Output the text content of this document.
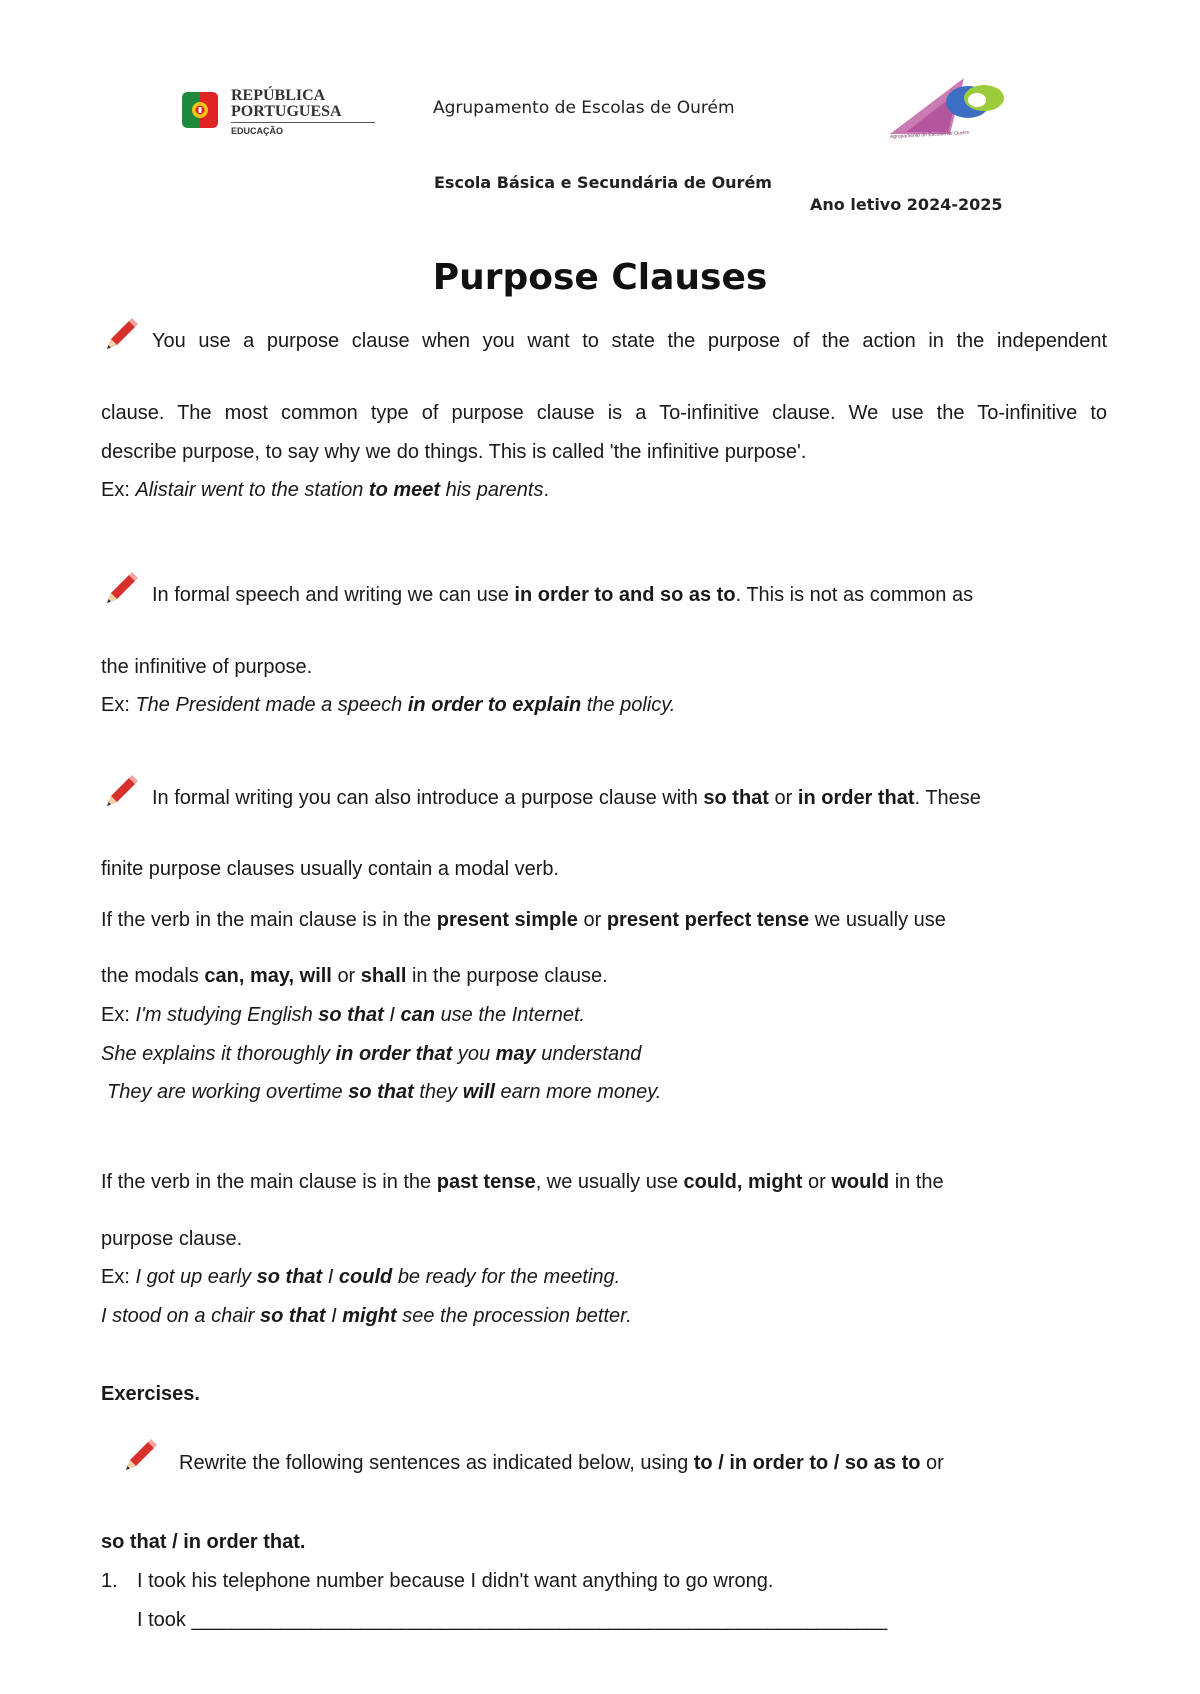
REPÚBLICA
PORTUGUESA
EDUCAÇÃO
Agrupamento de Escolas de Ourém
Agrupamento de Escolas de Ourém
Escola Básica e Secundária de Ourém
Ano letivo 2024-2025
Purpose Clauses
You use a purpose clause when you want to state the purpose of the action in the independent
clause. The most common type of purpose clause is a To-infinitive clause. We use the To-infinitive to
describe purpose, to say why we do things. This is called 'the infinitive purpose'.
Ex: Alistair went to the station to meet his parents.
In formal speech and writing we can use in order to and so as to. This is not as common as
the infinitive of purpose.
Ex: The President made a speech in order to explain the policy.
In formal writing you can also introduce a purpose clause with so that or in order that. These
finite purpose clauses usually contain a modal verb.
If the verb in the main clause is in the present simple or present perfect tense we usually use
the modals can, may, will or shall in the purpose clause.
Ex: I'm studying English so that I can use the Internet.
She explains it thoroughly in order that you may understand
They are working overtime so that they will earn more money.
If the verb in the main clause is in the past tense, we usually use could, might or would in the
purpose clause.
Ex: I got up early so that I could be ready for the meeting.
I stood on a chair so that I might see the procession better.
Exercises.
Rewrite the following sentences as indicated below, using to / in order to / so as to or
so that / in order that.
1. I took his telephone number because I didn't want anything to go wrong.
I took ______________________________________________________________________
